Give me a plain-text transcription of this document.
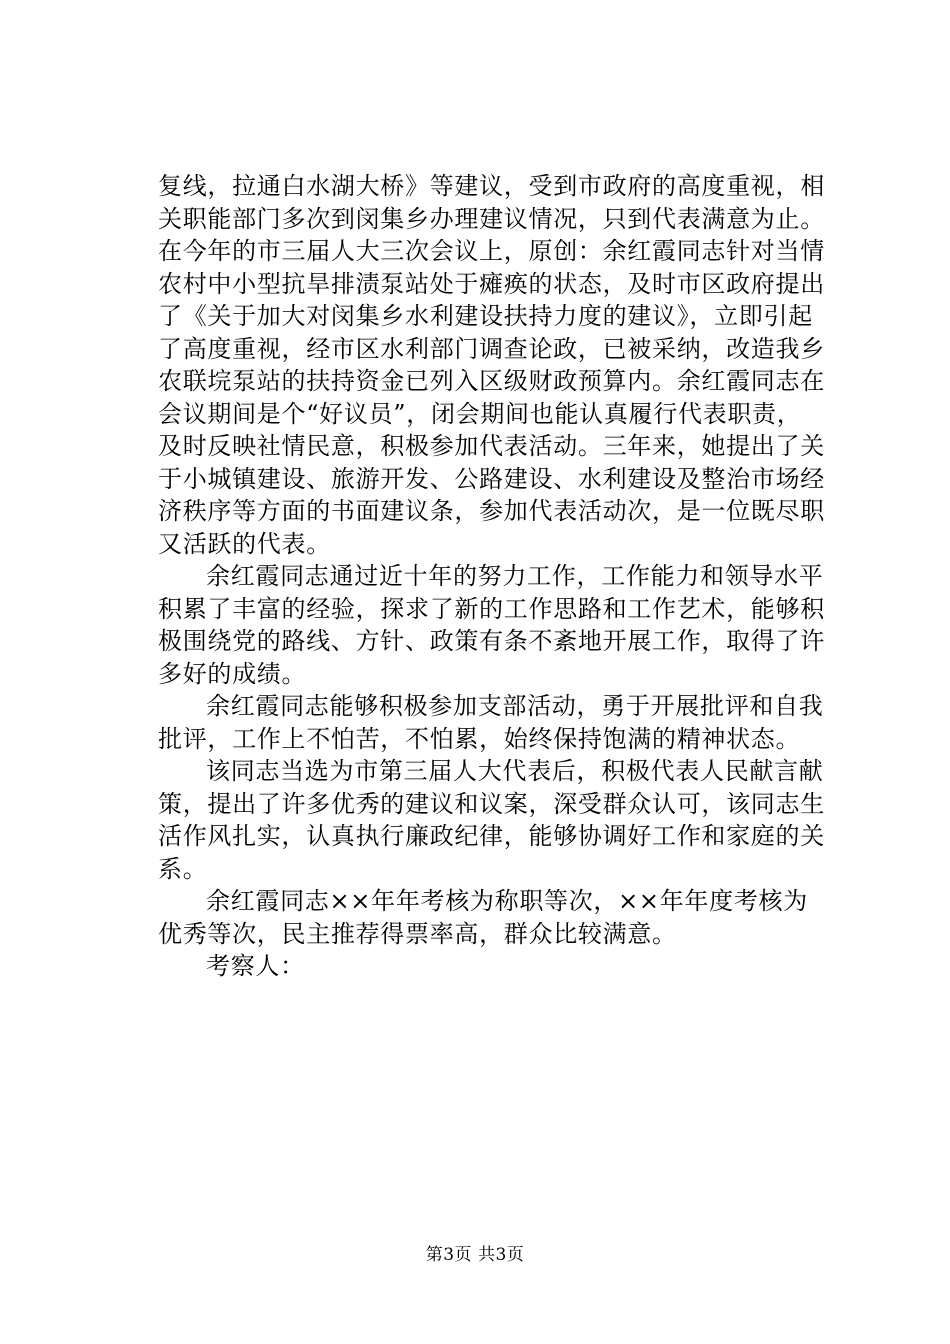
复线，拉通白水湖大桥》等建议，受到市政府的高度重视，相
关职能部门多次到闵集乡办理建议情况，只到代表满意为止。
在今年的市三届人大三次会议上，原创：余红霞同志针对当情
农村中小型抗旱排渍泵站处于瘫痪的状态，及时市区政府提出
了《关于加大对闵集乡水利建设扶持力度的建议》，立即引起
了高度重视，经市区水利部门调查论政，已被采纳，改造我乡
农联垸泵站的扶持资金已列入区级财政预算内。余红霞同志在
会议期间是个“好议员”，闭会期间也能认真履行代表职责，
及时反映社情民意，积极参加代表活动。三年来，她提出了关
于小城镇建设、旅游开发、公路建设、水利建设及整治市场经
济秩序等方面的书面建议条，参加代表活动次，是一位既尽职
又活跃的代表。
余红霞同志通过近十年的努力工作，工作能力和领导水平
积累了丰富的经验，探求了新的工作思路和工作艺术，能够积
极围绕党的路线、方针、政策有条不紊地开展工作，取得了许
多好的成绩。
余红霞同志能够积极参加支部活动，勇于开展批评和自我
批评，工作上不怕苦，不怕累，始终保持饱满的精神状态。
该同志当选为市第三届人大代表后，积极代表人民献言献
策，提出了许多优秀的建议和议案，深受群众认可，该同志生
活作风扎实，认真执行廉政纪律，能够协调好工作和家庭的关
系。
余红霞同志××年年考核为称职等次，××年年度考核为
优秀等次，民主推荐得票率高，群众比较满意。
考察人：
第3页 共3页
